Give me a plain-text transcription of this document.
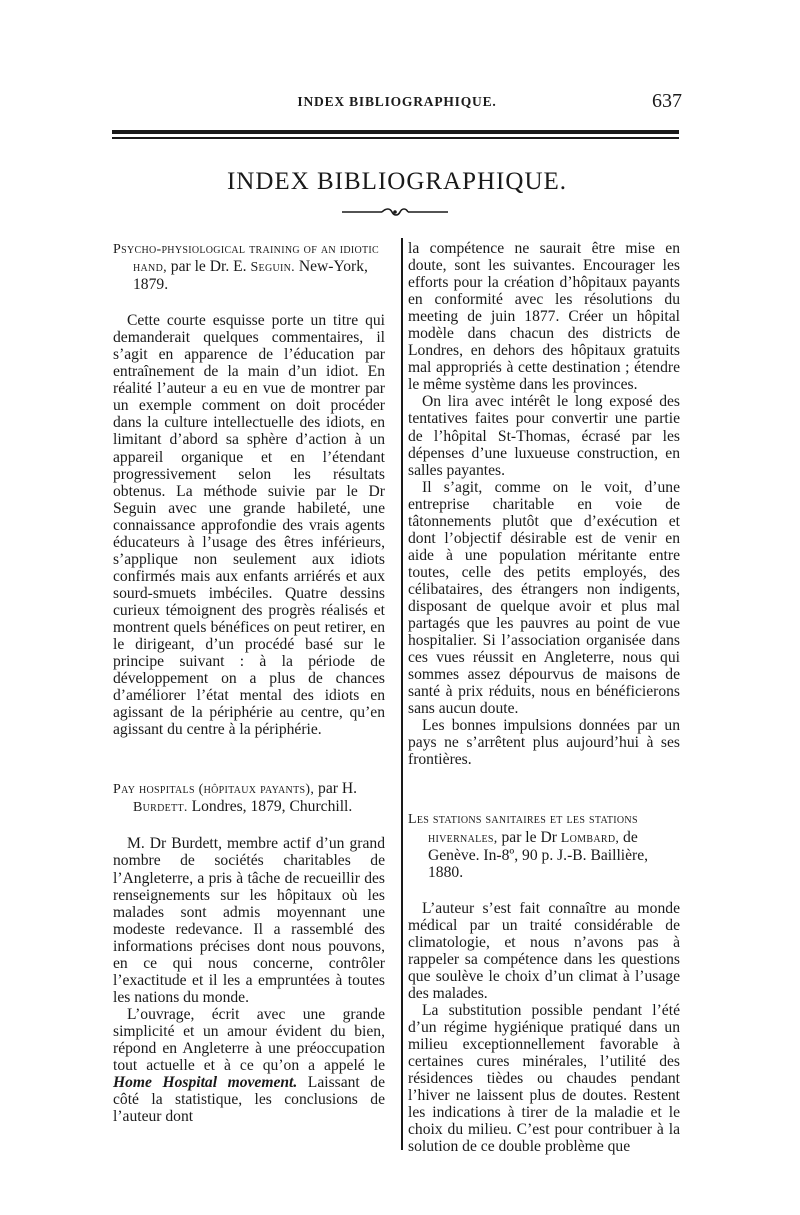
INDEX BIBLIOGRAPHIQUE.	637
INDEX BIBLIOGRAPHIQUE.

Psycho-physiological training of an idiotic hand, par le Dr. E. Seguin. New-York, 1879.

Cette courte esquisse porte un titre qui demanderait quelques commentaires, il s’agit en apparence de l’éducation par entraînement de la main d’un idiot. En réalité l’auteur a eu en vue de montrer par un exemple comment on doit procéder dans la culture intellectuelle des idiots, en limitant d’abord sa sphère d’action à un appareil organique et en l’étendant progressivement selon les résultats obtenus. La méthode suivie par le Dr Seguin avec une grande habileté, une connaissance approfondie des vrais agents éducateurs à l’usage des êtres inférieurs, s’applique non seulement aux idiots confirmés mais aux enfants arriérés et aux sourd-smuets imbéciles. Quatre dessins curieux témoignent des progrès réalisés et montrent quels bénéfices on peut retirer, en le dirigeant, d’un procédé basé sur le principe suivant : à la période de développement on a plus de chances d’améliorer l’état mental des idiots en agissant de la périphérie au centre, qu’en agissant du centre à la périphérie.

Pay hospitals (hôpitaux payants), par H. Burdett. Londres, 1879, Churchill.

M. Dr Burdett, membre actif d’un grand nombre de sociétés charitables de l’Angleterre, a pris à tâche de recueillir des renseignements sur les hôpitaux où les malades sont admis moyennant une modeste redevance. Il a rassemblé des informations précises dont nous pouvons, en ce qui nous concerne, contrôler l’exactitude et il les a empruntées à toutes les nations du monde.

L’ouvrage, écrit avec une grande simplicité et un amour évident du bien, répond en Angleterre à une préoccupation tout actuelle et à ce qu’on a appelé le Home Hospital movement. Laissant de côté la statistique, les conclusions de l’auteur dont

la compétence ne saurait être mise en doute, sont les suivantes. Encourager les efforts pour la création d’hôpitaux payants en conformité avec les résolutions du meeting de juin 1877. Créer un hôpital modèle dans chacun des districts de Londres, en dehors des hôpitaux gratuits mal appropriés à cette destination ; étendre le même système dans les provinces.

On lira avec intérêt le long exposé des tentatives faites pour convertir une partie de l’hôpital St-Thomas, écrasé par les dépenses d’une luxueuse construction, en salles payantes.

Il s’agit, comme on le voit, d’une entreprise charitable en voie de tâtonnements plutôt que d’exécution et dont l’objectif désirable est de venir en aide à une population méritante entre toutes, celle des petits employés, des célibataires, des étrangers non indigents, disposant de quelque avoir et plus mal partagés que les pauvres au point de vue hospitalier. Si l’association organisée dans ces vues réussit en Angleterre, nous qui sommes assez dépourvus de maisons de santé à prix réduits, nous en bénéficierons sans aucun doute.

Les bonnes impulsions données par un pays ne s’arrêtent plus aujourd’hui à ses frontières.

Les stations sanitaires et les stations hivernales, par le Dr Lombard, de Genève. In-8º, 90 p. J.-B. Baillière, 1880.

L’auteur s’est fait connaître au monde médical par un traité considérable de climatologie, et nous n’avons pas à rappeler sa compétence dans les questions que soulève le choix d’un climat à l’usage des malades.

La substitution possible pendant l’été d’un régime hygiénique pratiqué dans un milieu exceptionnellement favorable à certaines cures minérales, l’utilité des résidences tièdes ou chaudes pendant l’hiver ne laissent plus de doutes. Restent les indications à tirer de la maladie et le choix du milieu. C’est pour contribuer à la solution de ce double problème que
